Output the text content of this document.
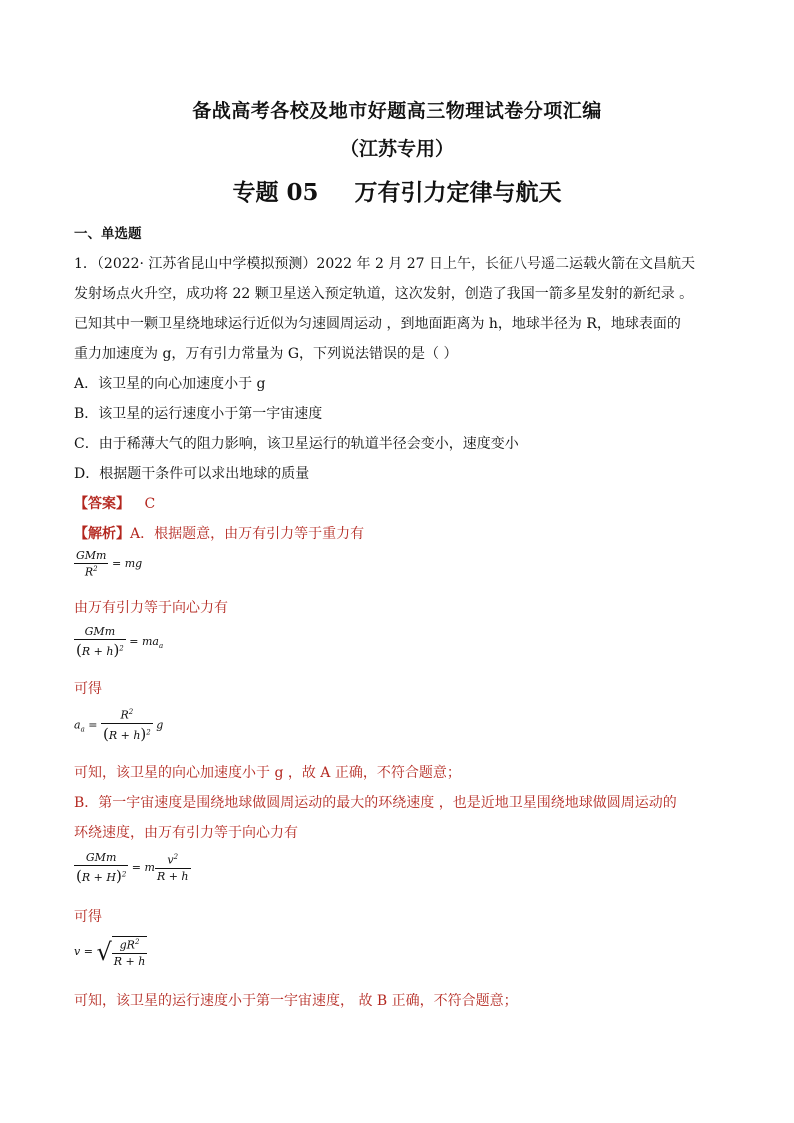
备战高考各校及地市好题高三物理试卷分项汇编
（江苏专用）
专题 05 万有引力定律与航天
一、单选题
1．（2022· 江苏省昆山中学模拟预测）2022 年 2 月 27 日上午，长征八号遥二运载火箭在文昌航天
发射场点火升空，成功将 22 颗卫星送入预定轨道，这次发射，创造了我国一箭多星发射的新纪录 。
已知其中一颗卫星绕地球运行近似为匀速圆周运动 ，到地面距离为 h，地球半径为 R，地球表面的
重力加速度为 g，万有引力常量为 G，下列说法错误的是（ ）
A．该卫星的向心加速度小于 g
B．该卫星的运行速度小于第一宇宙速度
C．由于稀薄大气的阻力影响，该卫星运行的轨道半径会变小，速度变小
D．根据题干条件可以求出地球的质量
【答案】 C
【解析】A．根据题意，由万有引力等于重力有
$\frac{\text{GMm}}{R^2}$ = mg
由万有引力等于向心力有
$\frac{\text{GMm}}{(R + h)^2} = ma_a$
可得
$a_a = \frac{R^2}{(R + h)^2}$ g
可知，该卫星的向心加速度小于 g ，故 A 正确，不符合题意；
B．第一宇宙速度是围绕地球做圆周运动的最大的环绕速度 ，也是近地卫星围绕地球做圆周运动的
环绕速度，由万有引力等于向心力有
$\frac{\text{GMm}}{(R + H)^2} = m \frac{v^2}{R + h}$
可得
v = √ $\frac{gR^2}{R + h}$
可知，该卫星的运行速度小于第一宇宙速度， 故 B 正确，不符合题意；
